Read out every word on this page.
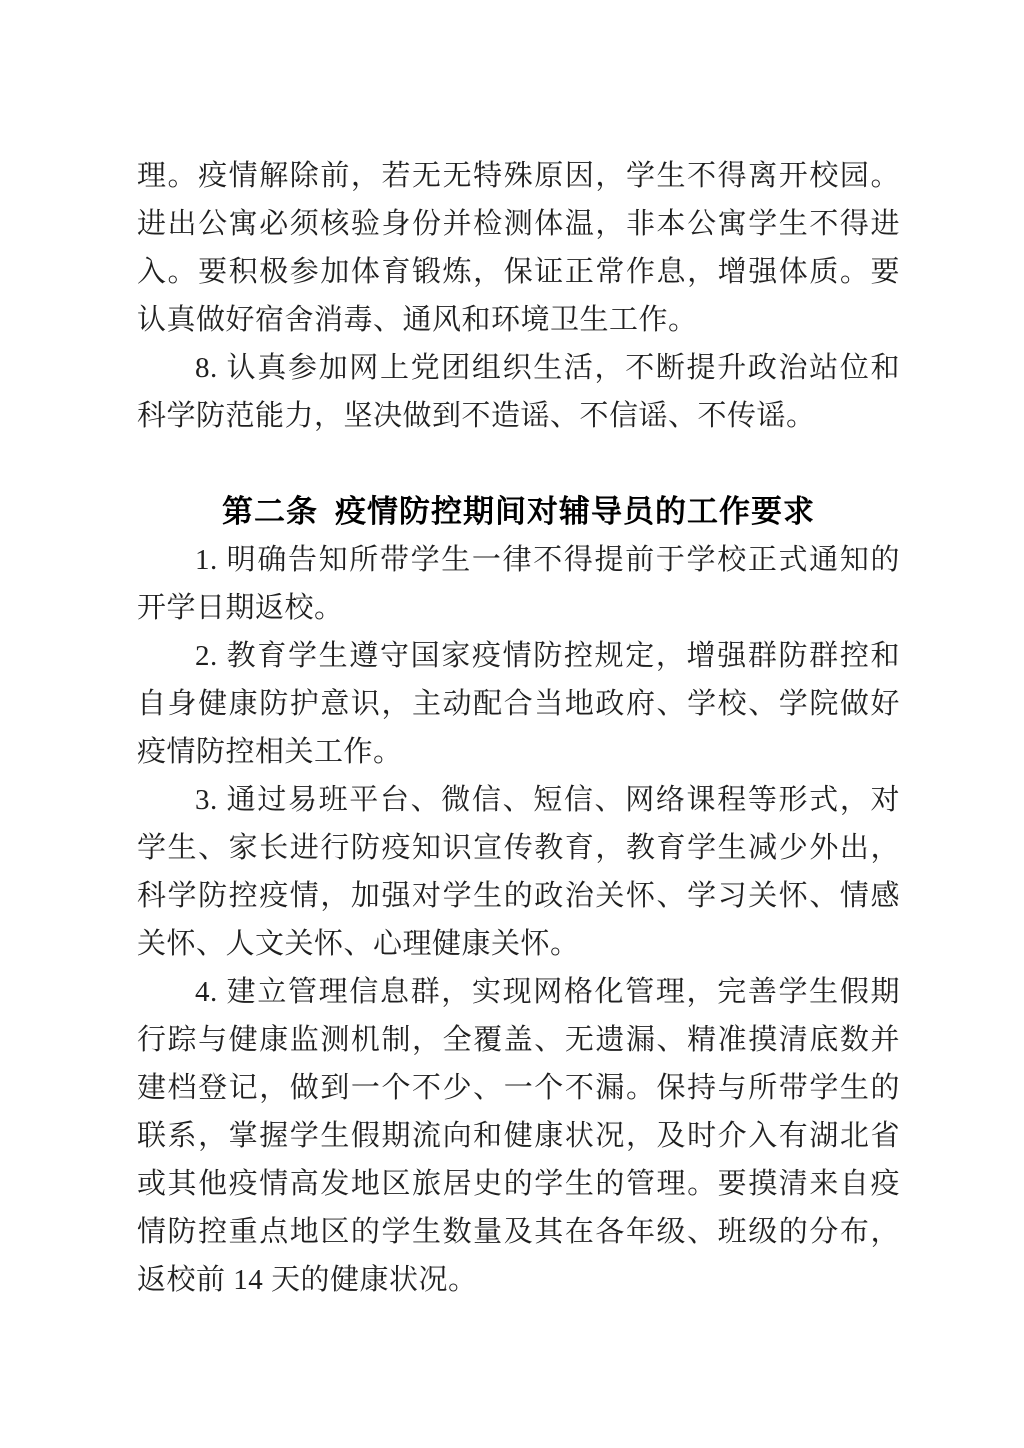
理。疫情解除前，若无无特殊原因，学生不得离开校园。进出公寓必须核验身份并检测体温，非本公寓学生不得进入。要积极参加体育锻炼，保证正常作息，增强体质。要认真做好宿舍消毒、通风和环境卫生工作。

8. 认真参加网上党团组织生活，不断提升政治站位和科学防范能力，坚决做到不造谣、不信谣、不传谣。

第二条 疫情防控期间对辅导员的工作要求

1. 明确告知所带学生一律不得提前于学校正式通知的开学日期返校。

2. 教育学生遵守国家疫情防控规定，增强群防群控和自身健康防护意识，主动配合当地政府、学校、学院做好疫情防控相关工作。

3. 通过易班平台、微信、短信、网络课程等形式，对学生、家长进行防疫知识宣传教育，教育学生减少外出，科学防控疫情，加强对学生的政治关怀、学习关怀、情感关怀、人文关怀、心理健康关怀。

4. 建立管理信息群，实现网格化管理，完善学生假期行踪与健康监测机制，全覆盖、无遗漏、精准摸清底数并建档登记，做到一个不少、一个不漏。保持与所带学生的联系，掌握学生假期流向和健康状况，及时介入有湖北省或其他疫情高发地区旅居史的学生的管理。要摸清来自疫情防控重点地区的学生数量及其在各年级、班级的分布，返校前 14 天的健康状况。
